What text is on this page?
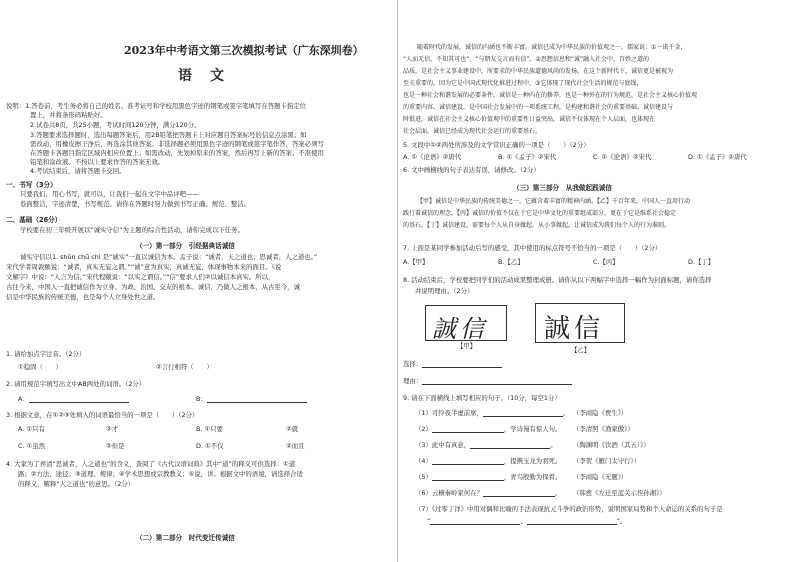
2023年中考语文第三次模拟考试（广东深圳卷）
语文
说明：1.答卷前，考生务必将自己的姓名、准考证号和学校用黑色字迹的钢笔或签字笔填写在答题卡指定位
置上，并将条形码粘贴好。
2.试卷共8页，共25小题，考试时间120分钟，满分120分。
3.答题要求选择题时，选出每题答案后，用2B铅笔把答题卡上对应题目答案标号的信息点涂黑；如
需改动，用橡皮擦干净后，再选涂其他答案。非选择题必须用黑色字迹的钢笔或签字笔作答，答案必须写
在答题卡各题目指定区域内相应位置上；如需改动，先划掉原来的答案，然后再写上新的答案；不准使用
铅笔和涂改液。不按以上要求作答的答案无效。
4.考试结束后，请将答题卡交回。
一、书写（3分）
只要我们，用心书写，就可以，让我们一起在文字中品评吧——
卷面整洁，字迹清楚，书写规范。请你在答题时努力做到书写正确、规范、整洁。
二、基础（26分）
学校要在初三年级开展以“诚实守信”为主题的综合性活动，请你完成以下任务。
（一）第一部分　引经据典话诚信
诚实守信以1. shǔn chū chì 是“诚实”一直以诚信为本。孟子说：“诚者，天之道也；思诚者，人之道也。”
宋代学者周敦颐说：“诚者，真实无妄之谓。”“诚”意为真实，真诚无妄，体现事物本来的面目。《说
文解字》中说：“人言为信。”宋代程颐说：“以实之谓信。”“信”要求人们②以诚信本真实。所以，
古往今来，中国人一直把诚信作为立身、为政、治国、交友的根本。诚信，乃做人之根本，从古至今，诚
信是中华民族的传统美德，也是每个人立身处世之道。
1. 请给加点字注音。（2分）
①稳固（　　）	②言行相符（　　）
2. 请用规范字填写出文中AB两处的词语。（2分）
A：	B：
3. 根据文意，在①②③处填入的词语最恰当的一项是（　　）（2分）
A. ①只有	②才	B. ①只要	②就
C. ①虽然	②但是	D. ①不仅	②而且
4. 大家为了弄清“思诚者，人之道也”的含义，查阅了《古代汉语词典》其中“道”的释义可供选择：①道
路；②方法、途径；③道理、规律；④学术思想或宗教教义；⑤说，讲。根据文中的语境，请选择合适
的释义，解释“人之道也”的意思。（2分）
（二）第二部分　时代变迁传诚信
随着时代的发展，诚信的内涵也不断丰富。诚信已成为中华民族的价值观之一。儒家说：①一诺千金，
“人而无信，不知其可也”。“与朋友交言而有信”。②思想信息和“诚”融入社会中，百姓之道的
品质，是社会主义事业建设中，所要求的中华民族道德风尚的发扬。在这个新时代下，诚信更是被视为
至关重要的，因为它是中国式现代化推进过程中，③它体现了现代社会生活的规范与底线，
也是一种社会和谐发展的必要条件。诚信是一种内在的修养，也是一种外在的行为规范，是社会主义核心价值观
的重要内容。诚信建设，是中国社会发展中的一项系统工程，是构建和谐社会的重要基础。诚信建设与
时俱进，诚信在社会主义核心价值观中的重要性日益突出，诚信不仅体现在个人层面，也体现在
社会层面，诚信已经成为现代社会运行的重要基石。
5. 文段中①②两处所涉及的文学常识正确的一项是（　　）（2分）
A. ①《论语》②唐代	B. ①《孟子》②宋代	C. ①《论语》②宋代	D. ①《孟子》②唐代
6. 文中画横线的句子表达有误，请修改。（2分）
（三）第三部分　从我做起践诚信
【甲】诚信是中华民族的传统美德之一，它蕴含着丰富的精神内涵。【乙】千百年来，中国人一直用行动
践行着诚信的理念。【丙】诚信的价值不仅在于它是中华文化的重要组成部分，更在于它是维系社会稳定
的基石。【丁】诚信建设，需要每个人从自身做起，从小事做起，让诚信成为我们每个人的行为准则。
7. 上面是某同学参加活动后写的感受，其中使用的标点符号不恰当的一项是（　　）（2分）
A.【甲】	B.【乙】	C.【丙】	D.【丁】
8. 活动结束后，学校要把同学们的活动成果整理成册。请你从以下两幅字中选择一幅作为封面标题，请你选择
并说明理由。（2分）
誠信 誠信
【甲】	【乙】
选择：
理由：
9. 请在下面横线上填写相应的句子。（10分，每空1分）
（1）可怜夜半虚前席，	。 （李商隐《贾生》）
（2）	，学诗谩有惊人句。 （李清照《渔家傲》）
（3）此中有真意，	。	（陶渊明《饮酒（其五）》）
（4）	，提携玉龙为君死。 （李贺《雁门太守行》）
（5）	，青鸟殷勤为探看。 （李商隐《无题》）
（6）云横秦岭家何在？	。 （韩愈《左迁至蓝关示侄孙湘》）
（7）《过零丁洋》中用对偶和比喻的手法表现抗元斗争的政治形势，说明国家局势和个人命运的关系的句子是
“	，	”。
